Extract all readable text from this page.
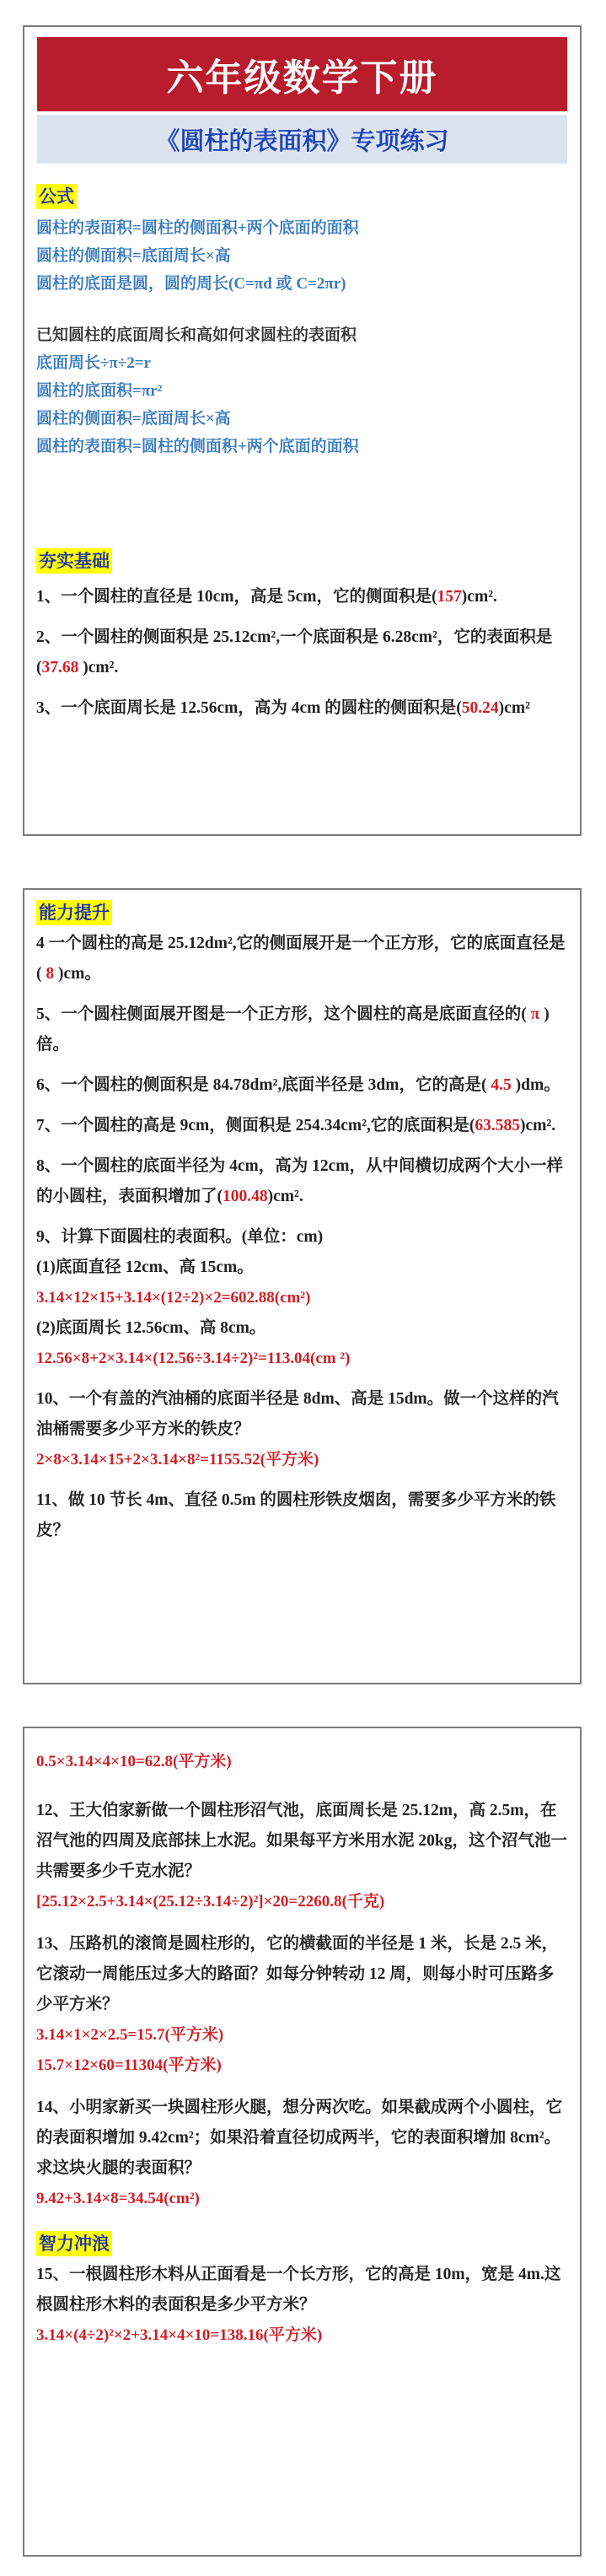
六年级数学下册
《圆柱的表面积》专项练习
公式

圆柱的表面积=圆柱的侧面积+两个底面的面积

圆柱的侧面积=底面周长×高

圆柱的底面是圆，圆的周长(C=πd 或 C=2πr)

已知圆柱的底面周长和高如何求圆柱的表面积

底面周长÷π÷2=r

圆柱的底面积=πr²

圆柱的侧面积=底面周长×高

圆柱的表面积=圆柱的侧面积+两个底面的面积

夯实基础

1、一个圆柱的直径是 10cm，高是 5cm，它的侧面积是(157)cm².

2、一个圆柱的侧面积是 25.12cm²,一个底面积是 6.28cm²，它的表面积是(37.68 )cm².

3、一个底面周长是 12.56cm，高为 4cm 的圆柱的侧面积是(50.24)cm²

能力提升

4 一个圆柱的高是 25.12dm²,它的侧面展开是一个正方形，它的底面直径是( 8 )cm。

5、一个圆柱侧面展开图是一个正方形，这个圆柱的高是底面直径的( π )倍。

6、一个圆柱的侧面积是 84.78dm²,底面半径是 3dm，它的高是( 4.5 )dm。

7、一个圆柱的高是 9cm，侧面积是 254.34cm²,它的底面积是(63.585)cm².

8、一个圆柱的底面半径为 4cm，高为 12cm，从中间横切成两个大小一样的小圆柱，表面积增加了(100.48)cm².

9、计算下面圆柱的表面积。(单位：cm)

(1)底面直径 12cm、高 15cm。

3.14×12×15+3.14×(12÷2)×2=602.88(cm²)

(2)底面周长 12.56cm、高 8cm。

12.56×8+2×3.14×(12.56÷3.14÷2)²=113.04(cm ²)

10、一个有盖的汽油桶的底面半径是 8dm、高是 15dm。做一个这样的汽油桶需要多少平方米的铁皮？

2×8×3.14×15+2×3.14×8²=1155.52(平方米)

11、做 10 节长 4m、直径 0.5m 的圆柱形铁皮烟囱，需要多少平方米的铁皮？

0.5×3.14×4×10=62.8(平方米)

12、王大伯家新做一个圆柱形沼气池，底面周长是 25.12m，高 2.5m，在沼气池的四周及底部抹上水泥。如果每平方米用水泥 20kg，这个沼气池一共需要多少千克水泥？

[25.12×2.5+3.14×(25.12÷3.14÷2)²]×20=2260.8(千克)

13、压路机的滚筒是圆柱形的，它的横截面的半径是 1 米，长是 2.5 米，它滚动一周能压过多大的路面？如每分钟转动 12 周，则每小时可压路多少平方米？

3.14×1×2×2.5=15.7(平方米)

15.7×12×60=11304(平方米)

14、小明家新买一块圆柱形火腿，想分两次吃。如果截成两个小圆柱，它的表面积增加 9.42cm²；如果沿着直径切成两半，它的表面积增加 8cm²。求这块火腿的表面积？

9.42+3.14×8=34.54(cm²)

智力冲浪

15、一根圆柱形木料从正面看是一个长方形，它的高是 10m，宽是 4m.这根圆柱形木料的表面积是多少平方米？

3.14×(4÷2)²×2+3.14×4×10=138.16(平方米)
